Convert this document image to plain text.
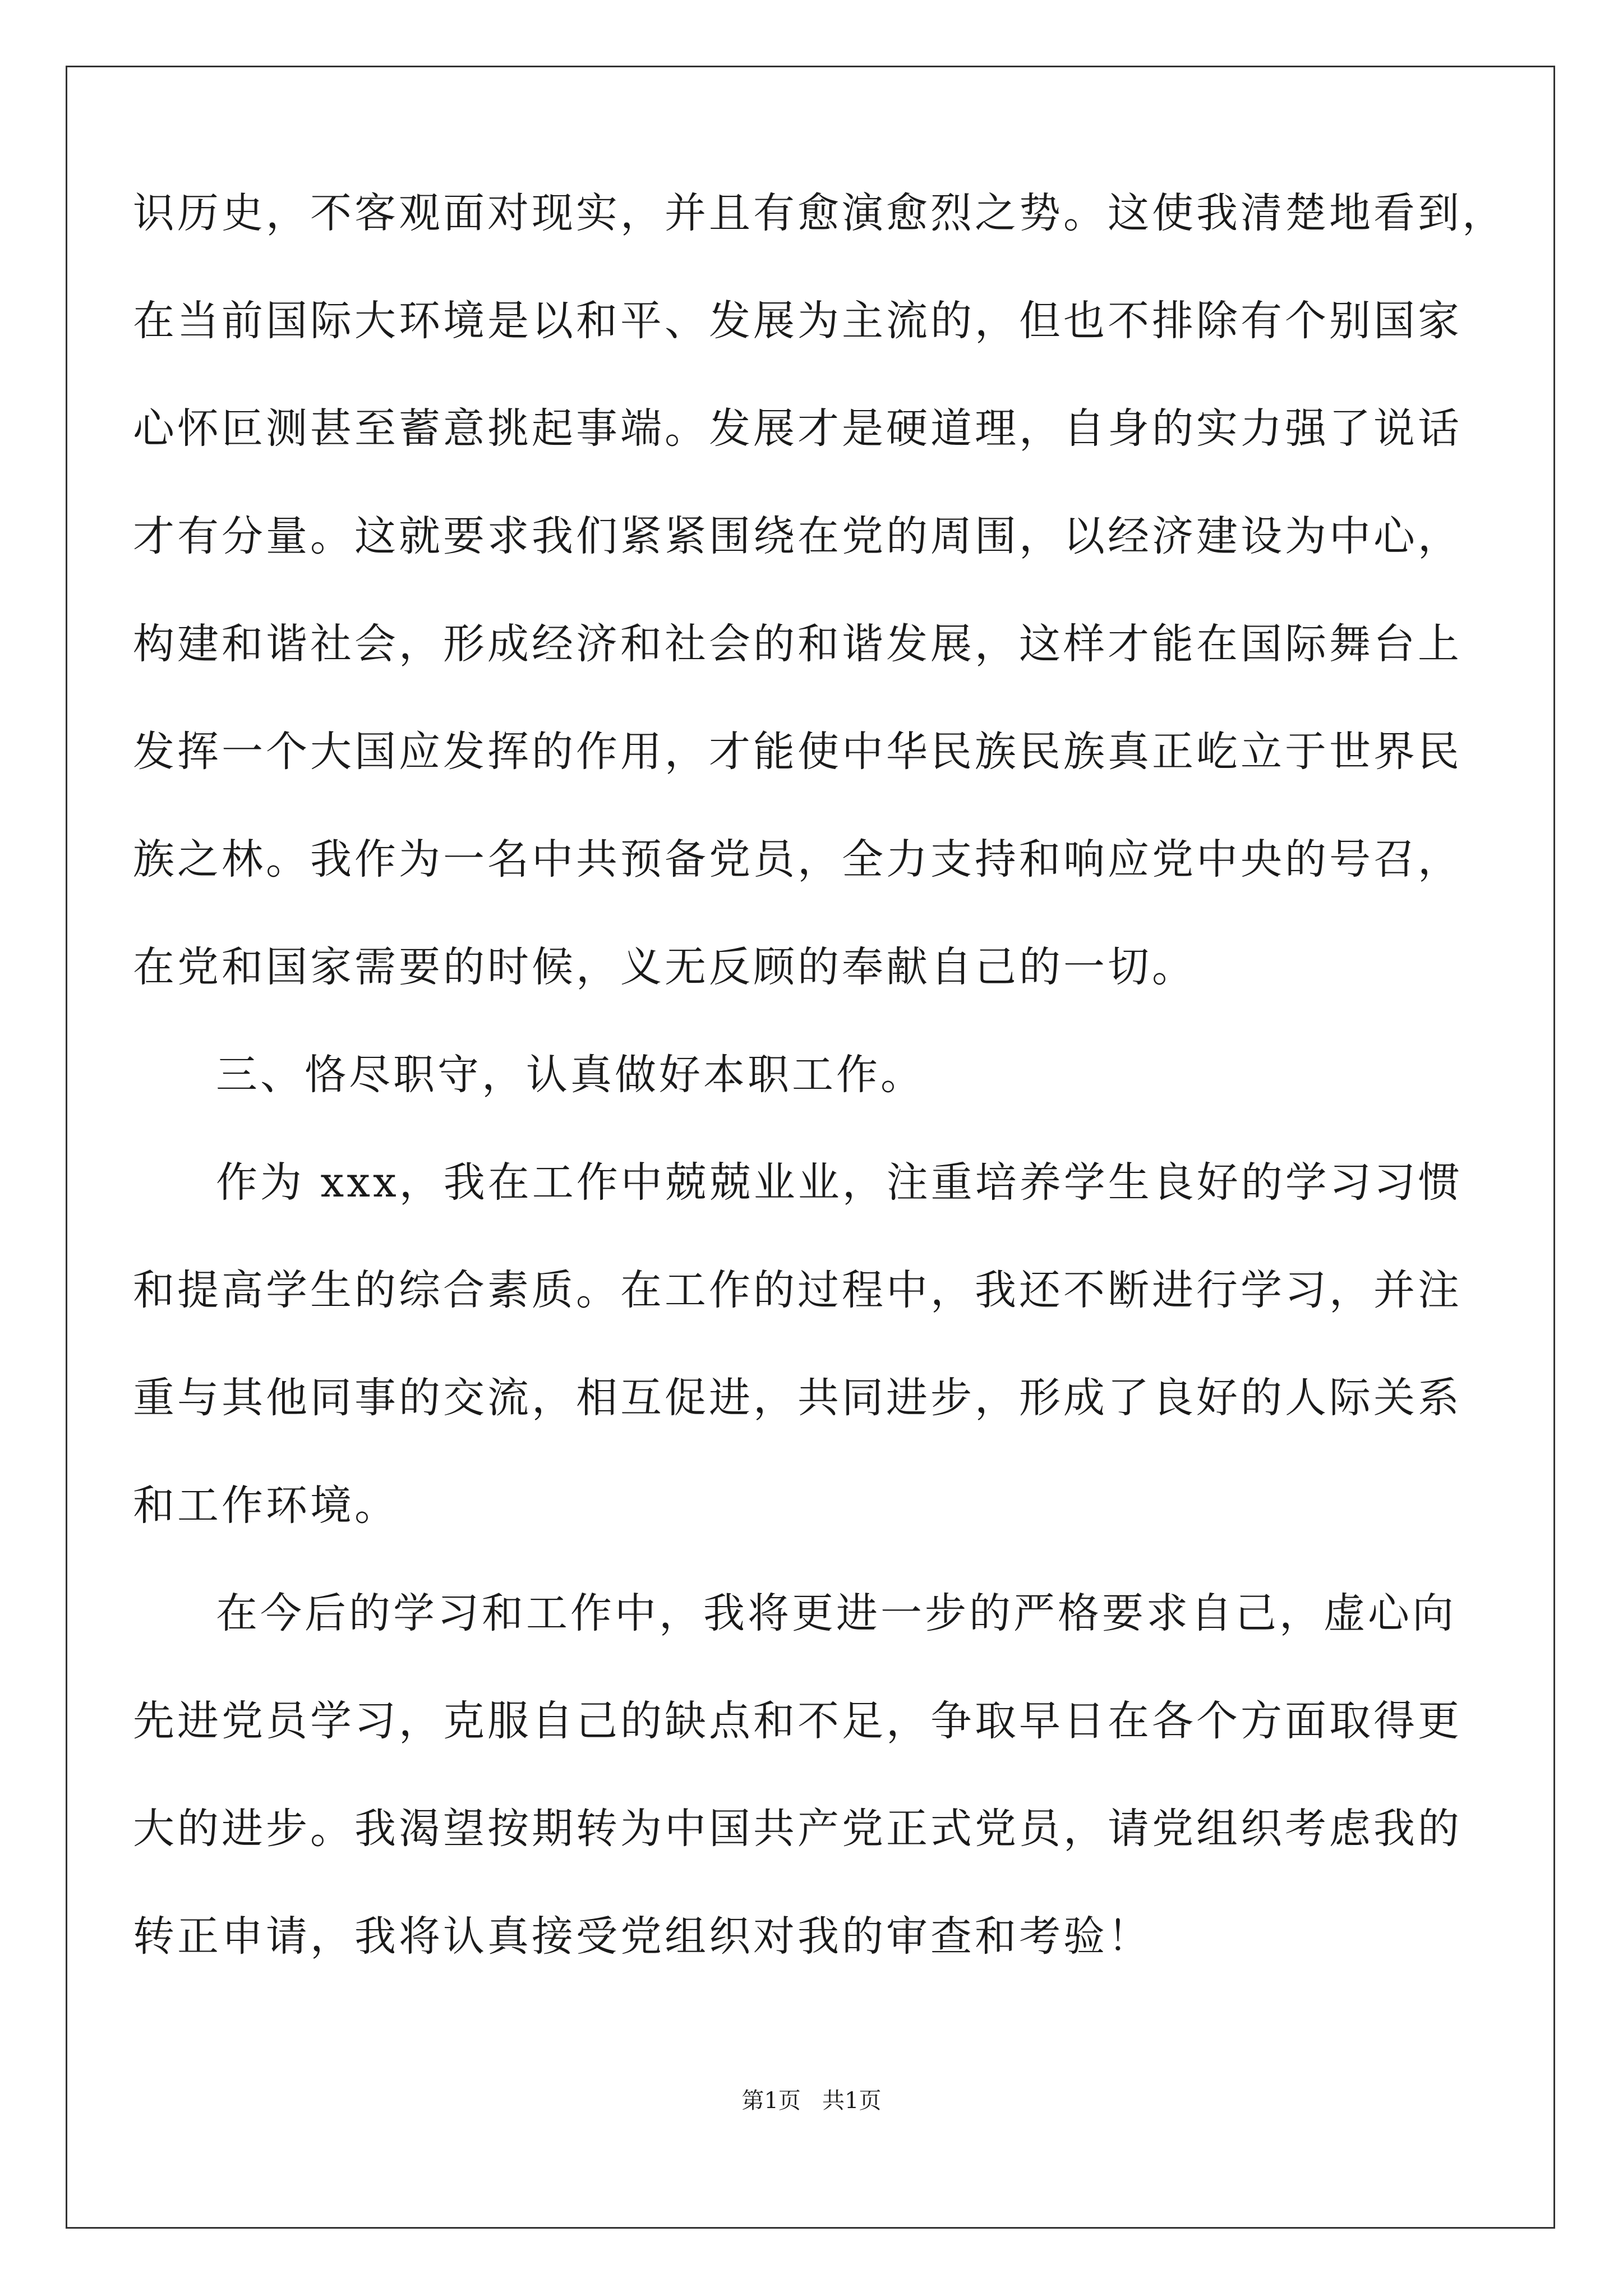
识历史，不客观面对现实，并且有愈演愈烈之势。这使我清楚地看到，
在当前国际大环境是以和平、发展为主流的，但也不排除有个别国家
心怀叵测甚至蓄意挑起事端。发展才是硬道理，自身的实力强了说话
才有分量。这就要求我们紧紧围绕在党的周围，以经济建设为中心，
构建和谐社会，形成经济和社会的和谐发展，这样才能在国际舞台上
发挥一个大国应发挥的作用，才能使中华民族民族真正屹立于世界民
族之林。我作为一名中共预备党员，全力支持和响应党中央的号召，
在党和国家需要的时候，义无反顾的奉献自己的一切。
三、恪尽职守，认真做好本职工作。
作为 xxx，我在工作中兢兢业业，注重培养学生良好的学习习惯
和提高学生的综合素质。在工作的过程中，我还不断进行学习，并注
重与其他同事的交流，相互促进，共同进步，形成了良好的人际关系
和工作环境。
在今后的学习和工作中，我将更进一步的严格要求自己，虚心向
先进党员学习，克服自己的缺点和不足，争取早日在各个方面取得更
大的进步。我渴望按期转为中国共产党正式党员，请党组织考虑我的
转正申请，我将认真接受党组织对我的审查和考验！
第1页   共1页
